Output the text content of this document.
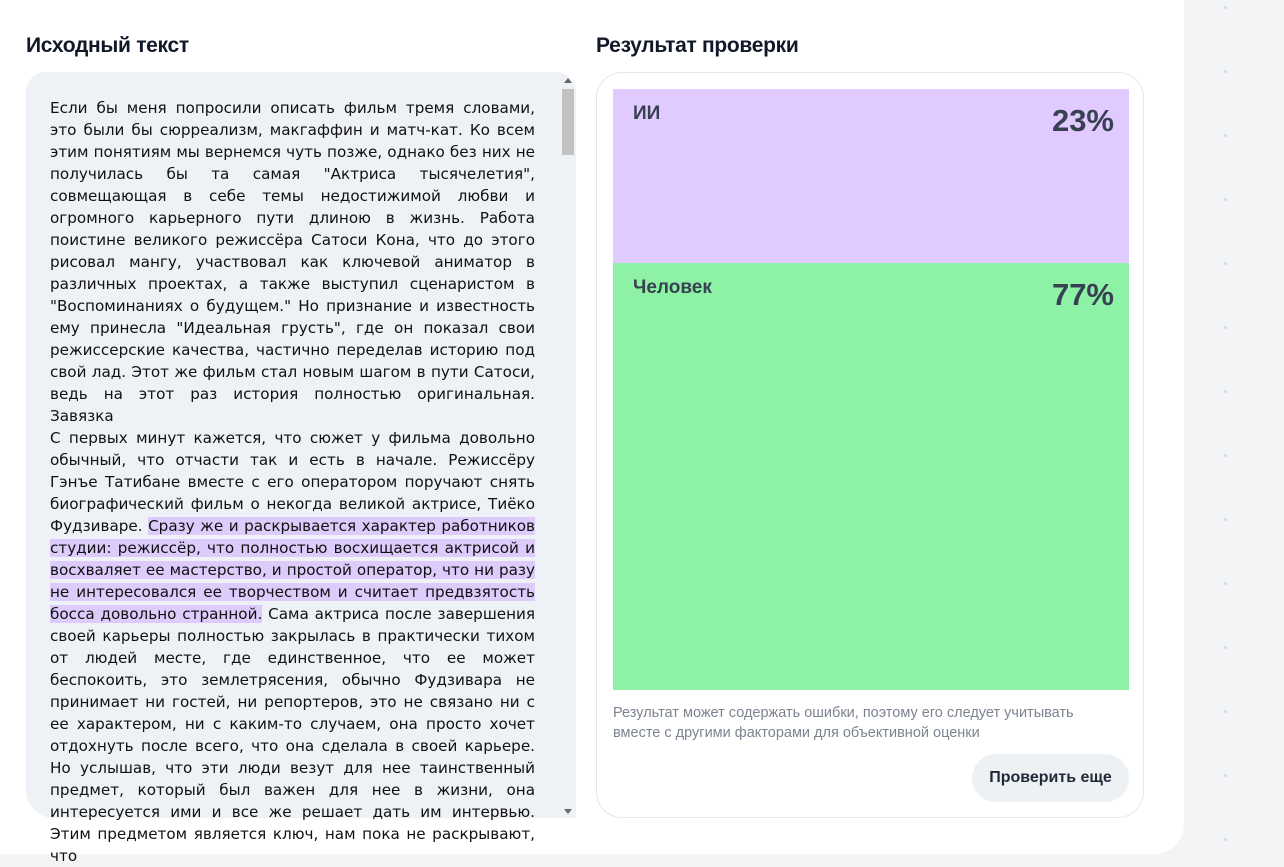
Исходный текст	Результат проверки
Если бы меня попросили описать фильм тремя словами, это были бы сюрреализм, макгаффин и матч-кат. Ко всем этим понятиям мы вернемся чуть позже, однако без них не получилась бы та самая "Актриса тысячелетия", совмещающая в себе темы недостижимой любви и огромного карьерного пути длиною в жизнь. Работа поистине великого режиссёра Сатоси Кона, что до этого рисовал мангу, участвовал как ключевой аниматор в различных проектах, а также выступил сценаристом в "Воспоминаниях о будущем." Но признание и известность ему принесла "Идеальная грусть", где он показал свои режиссерские качества, частично переделав историю под свой лад. Этот же фильм стал новым шагом в пути Сатоси, ведь на этот раз история полностью оригинальная. Завязка
С первых минут кажется, что сюжет у фильма довольно обычный, что отчасти так и есть в начале. Режиссёру Гэнъе Татибане вместе с его оператором поручают снять биографический фильм о некогда великой актрисе, Тиёко Фудзиваре. Сразу же и раскрывается характер работников студии: режиссёр, что полностью восхищается актрисой и восхваляет ее мастерство, и простой оператор, что ни разу не интересовался ее творчеством и считает предвзятость босса довольно странной. Сама актриса после завершения своей карьеры полностью закрылась в практически тихом от людей месте, где единственное, что ее может беспокоить, это землетрясения, обычно Фудзивара не принимает ни гостей, ни репортеров, это не связано ни с ее характером, ни с каким-то случаем, она просто хочет отдохнуть после всего, что она сделала в своей карьере. Но услышав, что эти люди везут для нее таинственный предмет, который был важен для нее в жизни, она интересуется ими и все же решает дать им интервью. Этим предметом является ключ, нам пока не раскрывают, что
ИИ	23%
Человек	77%
Результат может содержать ошибки, поэтому его следует учитывать вместе с другими факторами для объективной оценки
Проверить еще
